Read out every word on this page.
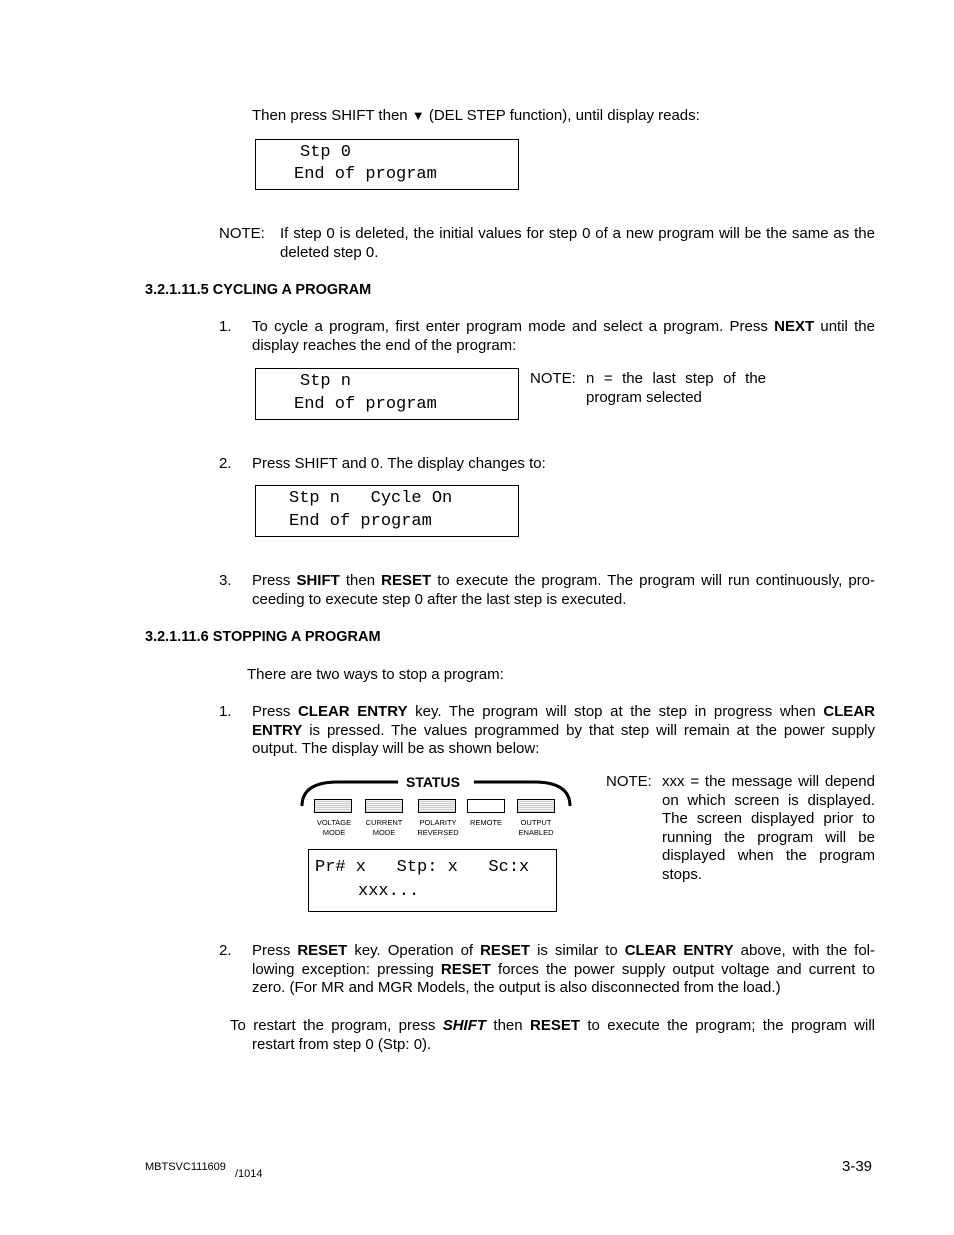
Then press SHIFT then ▼ (DEL STEP function), until display reads:
Stp 0
End of program
NOTE: If step 0 is deleted, the initial values for step 0 of a new program will be the same as the deleted step 0.
3.2.1.11.5 CYCLING A PROGRAM
1. To cycle a program, first enter program mode and select a program. Press NEXT until the display reaches the end of the program:
Stp n
End of program
NOTE: n = the last step of the
program selected
2. Press SHIFT and 0. The display changes to:
Stp n   Cycle On
End of program
3. Press SHIFT then RESET to execute the program. The program will run continuously, pro-ceeding to execute step 0 after the last step is executed.
3.2.1.11.6 STOPPING A PROGRAM
There are two ways to stop a program:
1. Press CLEAR ENTRY key. The program will stop at the step in progress when CLEAR ENTRY is pressed. The values programmed by that step will remain at the power supply output. The display will be as shown below:
STATUS
VOLTAGE
MODE
CURRENT
MODE
POLARITY
REVERSED
REMOTE	OUTPUT
ENABLED
Pr# x   Stp: x   Sc:x
xxx...
NOTE: xxx = the message will depend on which screen is displayed. The screen displayed prior to running the program will be displayed when the program stops.
2. Press RESET key. Operation of RESET is similar to CLEAR ENTRY above, with the fol-lowing exception: pressing RESET forces the power supply output voltage and current to zero. (For MR and MGR Models, the output is also disconnected from the load.)
To restart the program, press SHIFT then RESET to execute the program; the program will restart from step 0 (Stp: 0).
MBTSVC111609
/1014	3-39
